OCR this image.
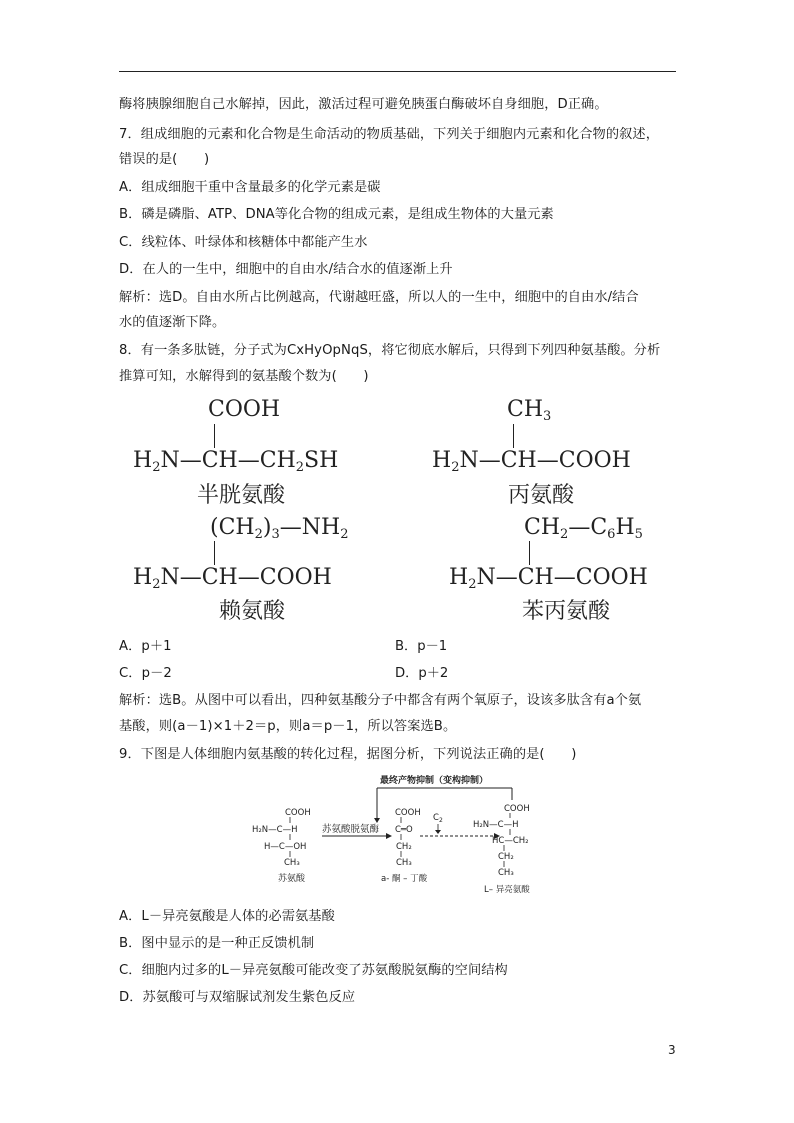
酶将胰腺细胞自己水解掉，因此，激活过程可避免胰蛋白酶破坏自身细胞，D正确。
7．组成细胞的元素和化合物是生命活动的物质基础，下列关于细胞内元素和化合物的叙述，
错误的是(　　)
A．组成细胞干重中含量最多的化学元素是碳
B．磷是磷脂、ATP、DNA等化合物的组成元素，是组成生物体的大量元素
C．线粒体、叶绿体和核糖体中都能产生水
D．在人的一生中，细胞中的自由水/结合水的值逐渐上升
解析：选D。自由水所占比例越高，代谢越旺盛，所以人的一生中，细胞中的自由水/结合
水的值逐渐下降。
8．有一条多肽链，分子式为CxHyOpNqS，将它彻底水解后，只得到下列四种氨基酸。分析
推算可知，水解得到的氨基酸个数为(　　)
COOH
$H_2N—CH—CH_2SH$
半胱氨酸
$CH_3$
$H_2N—CH—COOH$
丙氨酸
$(CH_2)_3—NH_2$
$H_2N—CH—COOH$
赖氨酸
$CH_2—C_6H_5$
$H_2N—CH—COOH$
苯丙氨酸
A．p＋1	B．p－1
C．p－2	D．p＋2
解析：选B。从图中可以看出，四种氨基酸分子中都含有两个氧原子，设该多肽含有a个氨
基酸，则(a－1)×1＋2＝p，则a＝p－1，所以答案选B。
9．下图是人体细胞内氨基酸的转化过程，据图分析，下列说法正确的是(　　)
最终产物抑制（变构抑制）
COOH
H₂N—C—H
H—C—OH
CH₃
苏氨酸
苏氨酸脱氨酶
COOH
C═O
CH₂
CH₃
a- 酮 – 丁酸
$C_2$
COOH
H₂N—C—H
HC—CH₂
CH₂
CH₃
L– 异亮氨酸
A．L－异亮氨酸是人体的必需氨基酸
B．图中显示的是一种正反馈机制
C．细胞内过多的L－异亮氨酸可能改变了苏氨酸脱氨酶的空间结构
D．苏氨酸可与双缩脲试剂发生紫色反应
3
